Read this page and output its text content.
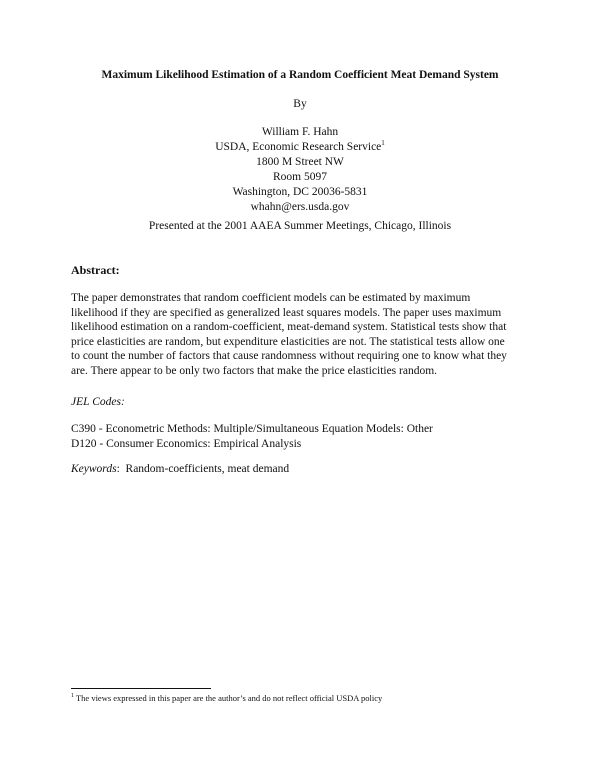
Maximum Likelihood Estimation of a Random Coefficient Meat Demand System
By
William F. Hahn
USDA, Economic Research Service$^1$
1800 M Street NW
Room 5097
Washington, DC 20036-5831
whahn@ers.usda.gov
Presented at the 2001 AAEA Summer Meetings, Chicago, Illinois
Abstract:
The paper demonstrates that random coefficient models can be estimated by maximum
likelihood if they are specified as generalized least squares models. The paper uses maximum
likelihood estimation on a random-coefficient, meat-demand system. Statistical tests show that
price elasticities are random, but expenditure elasticities are not. The statistical tests allow one
to count the number of factors that cause randomness without requiring one to know what they
are. There appear to be only two factors that make the price elasticities random.
JEL Codes:
C390 - Econometric Methods: Multiple/Simultaneous Equation Models: Other
D120 - Consumer Economics: Empirical Analysis
Keywords:  Random-coefficients, meat demand
$^1$ The views expressed in this paper are the author’s and do not reflect official USDA policy
